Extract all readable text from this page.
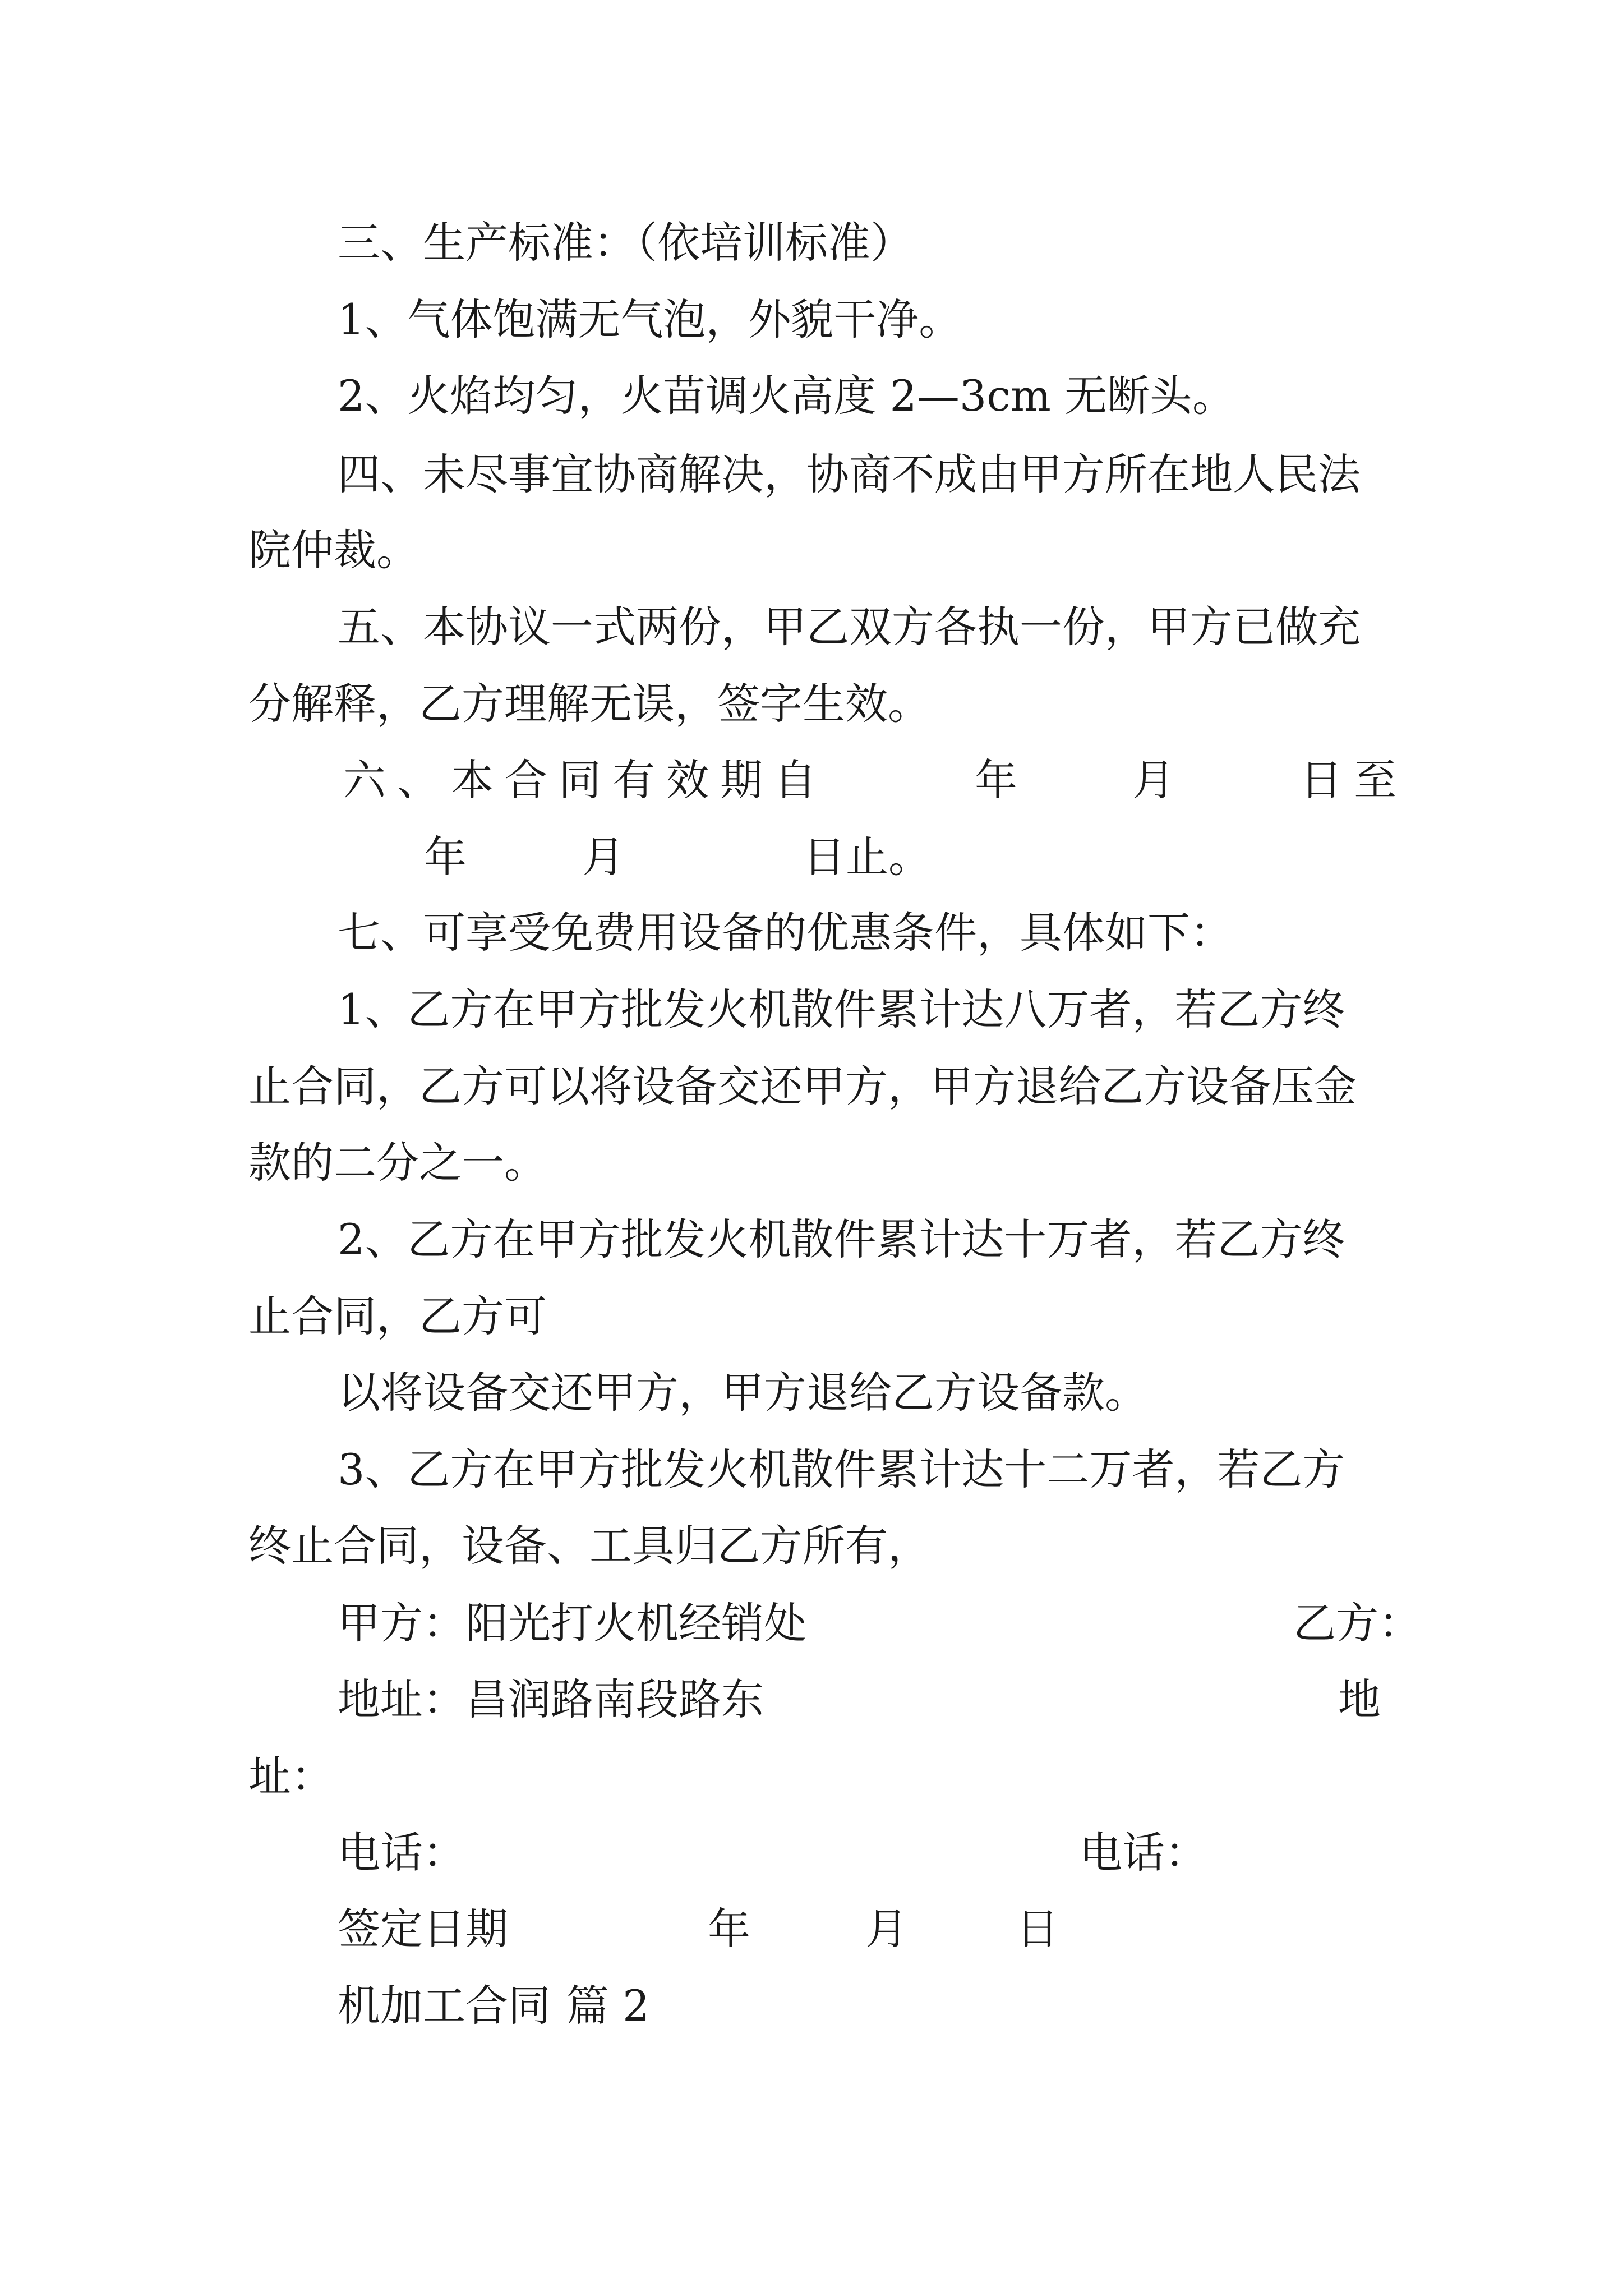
三、生产标准：（依培训标准）
1、气体饱满无气泡，外貌干净。
2、火焰均匀，火苗调火高度 2—3cm 无断头。
四、未尽事宜协商解决，协商不成由甲方所在地人民法
院仲裁。
五、本协议一式两份，甲乙双方各执一份，甲方已做充
分解释，乙方理解无误，签字生效。
六、本合同有效期自	年	月	日至
年	月	日止。
七、可享受免费用设备的优惠条件，具体如下：
1、乙方在甲方批发火机散件累计达八万者，若乙方终
止合同，乙方可以将设备交还甲方，甲方退给乙方设备压金
款的二分之一。
2、乙方在甲方批发火机散件累计达十万者，若乙方终
止合同，乙方可
以将设备交还甲方，甲方退给乙方设备款。
3、乙方在甲方批发火机散件累计达十二万者，若乙方
终止合同，设备、工具归乙方所有，
甲方：阳光打火机经销处	乙方：
地址：昌润路南段路东	地
址：
电话：	电话：
签定日期	年	月	日
机加工合同 篇 2
